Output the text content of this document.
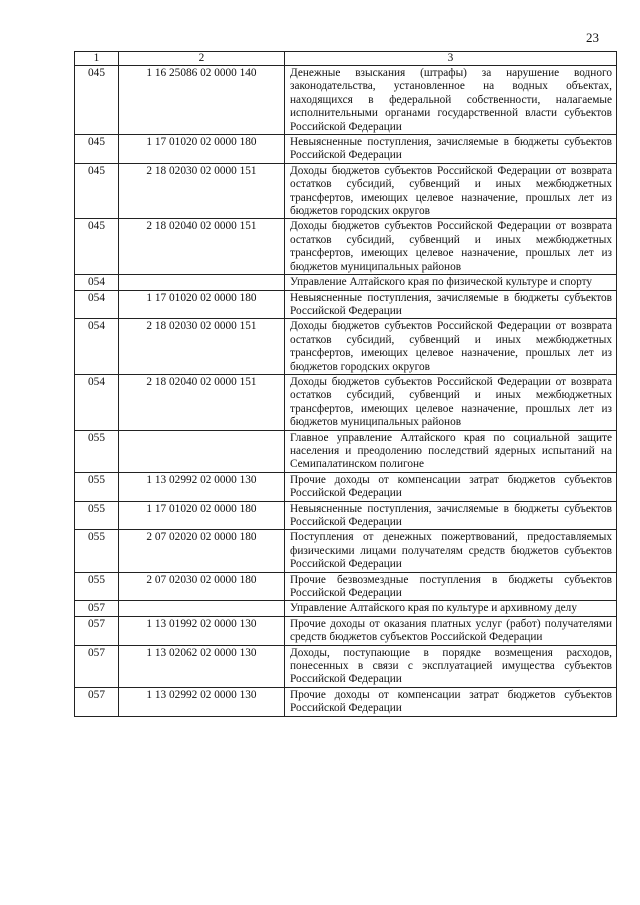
23
1	2	3
045	1 16 25086 02 0000 140	Денежные взыскания (штрафы) за нарушение водного законодательства, установленное на водных объектах, находящихся в федеральной собственности, налагаемые исполнительными органами государственной власти субъектов Российской Федерации
045	1 17 01020 02 0000 180	Невыясненные поступления, зачисляемые в бюджеты субъектов Российской Федерации
045	2 18 02030 02 0000 151	Доходы бюджетов субъектов Российской Федерации от возврата остатков субсидий, субвенций и иных межбюджетных трансфертов, имеющих целевое назначение, прошлых лет из бюджетов городских округов
045	2 18 02040 02 0000 151	Доходы бюджетов субъектов Российской Федерации от возврата остатков субсидий, субвенций и иных межбюджетных трансфертов, имеющих целевое назначение, прошлых лет из бюджетов муниципальных районов
054		Управление Алтайского края по физической культуре и спорту
054	1 17 01020 02 0000 180	Невыясненные поступления, зачисляемые в бюджеты субъектов Российской Федерации
054	2 18 02030 02 0000 151	Доходы бюджетов субъектов Российской Федерации от возврата остатков субсидий, субвенций и иных межбюджетных трансфертов, имеющих целевое назначение, прошлых лет из бюджетов городских округов
054	2 18 02040 02 0000 151	Доходы бюджетов субъектов Российской Федерации от возврата остатков субсидий, субвенций и иных межбюджетных трансфертов, имеющих целевое назначение, прошлых лет из бюджетов муниципальных районов
055		Главное управление Алтайского края по социальной защите населения и преодолению последствий ядерных испытаний на Семипалатинском полигоне
055	1 13 02992 02 0000 130	Прочие доходы от компенсации затрат бюджетов субъектов Российской Федерации
055	1 17 01020 02 0000 180	Невыясненные поступления, зачисляемые в бюджеты субъектов Российской Федерации
055	2 07 02020 02 0000 180	Поступления от денежных пожертвований, предоставляемых физическими лицами получателям средств бюджетов субъектов Российской Федерации
055	2 07 02030 02 0000 180	Прочие безвозмездные поступления в бюджеты субъектов Российской Федерации
057		Управление Алтайского края по культуре и архивному делу
057	1 13 01992 02 0000 130	Прочие доходы от оказания платных услуг (работ) получателями средств бюджетов субъектов Российской Федерации
057	1 13 02062 02 0000 130	Доходы, поступающие в порядке возмещения расходов, понесенных в связи с эксплуатацией имущества субъектов Российской Федерации
057	1 13 02992 02 0000 130	Прочие доходы от компенсации затрат бюджетов субъектов Российской Федерации
